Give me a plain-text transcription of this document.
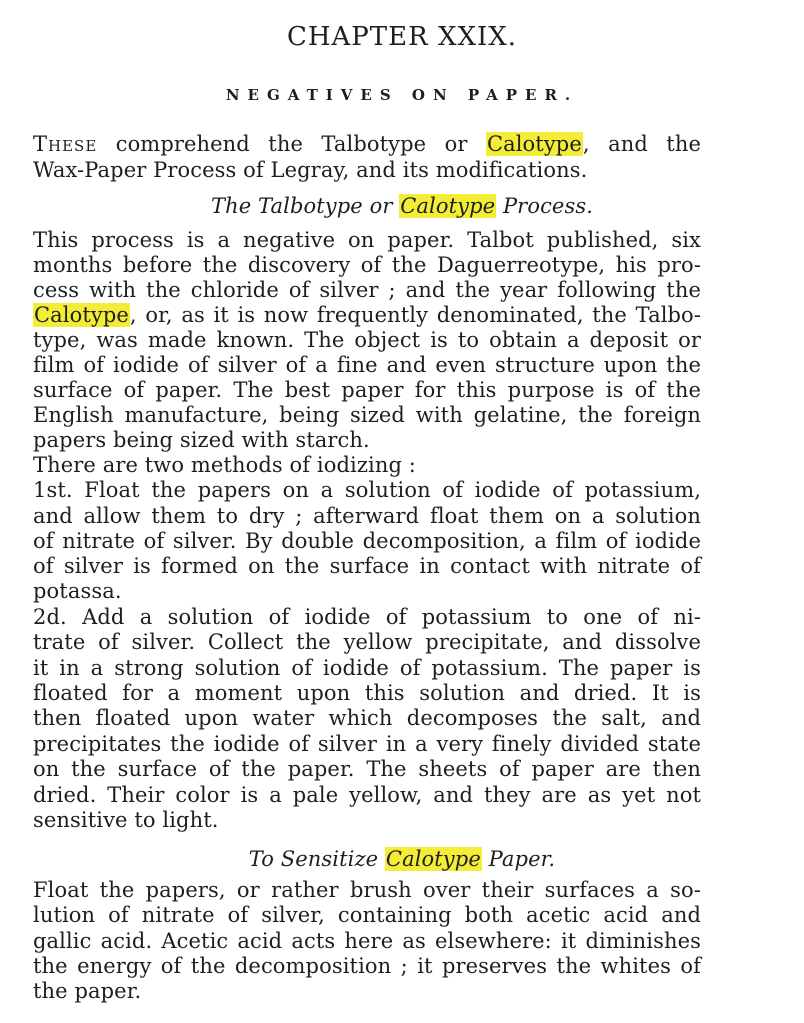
CHAPTER XXIX.
NEGATIVES ON PAPER.
These comprehend the Talbotype or Calotype, and the
Wax-Paper Process of Legray, and its modifications.
The Talbotype or Calotype Process.
This process is a negative on paper. Talbot published, six
months before the discovery of the Daguerreotype, his pro-
cess with the chloride of silver ; and the year following the
Calotype, or, as it is now frequently denominated, the Talbo-
type, was made known. The object is to obtain a deposit or
film of iodide of silver of a fine and even structure upon the
surface of paper. The best paper for this purpose is of the
English manufacture, being sized with gelatine, the foreign
papers being sized with starch.
There are two methods of iodizing :
1st. Float the papers on a solution of iodide of potassium,
and allow them to dry ; afterward float them on a solution
of nitrate of silver. By double decomposition, a film of iodide
of silver is formed on the surface in contact with nitrate of
potassa.
2d. Add a solution of iodide of potassium to one of ni-
trate of silver. Collect the yellow precipitate, and dissolve
it in a strong solution of iodide of potassium. The paper is
floated for a moment upon this solution and dried. It is
then floated upon water which decomposes the salt, and
precipitates the iodide of silver in a very finely divided state
on the surface of the paper. The sheets of paper are then
dried. Their color is a pale yellow, and they are as yet not
sensitive to light.
To Sensitize Calotype Paper.
Float the papers, or rather brush over their surfaces a so-
lution of nitrate of silver, containing both acetic acid and
gallic acid. Acetic acid acts here as elsewhere: it diminishes
the energy of the decomposition ; it preserves the whites of
the paper.
